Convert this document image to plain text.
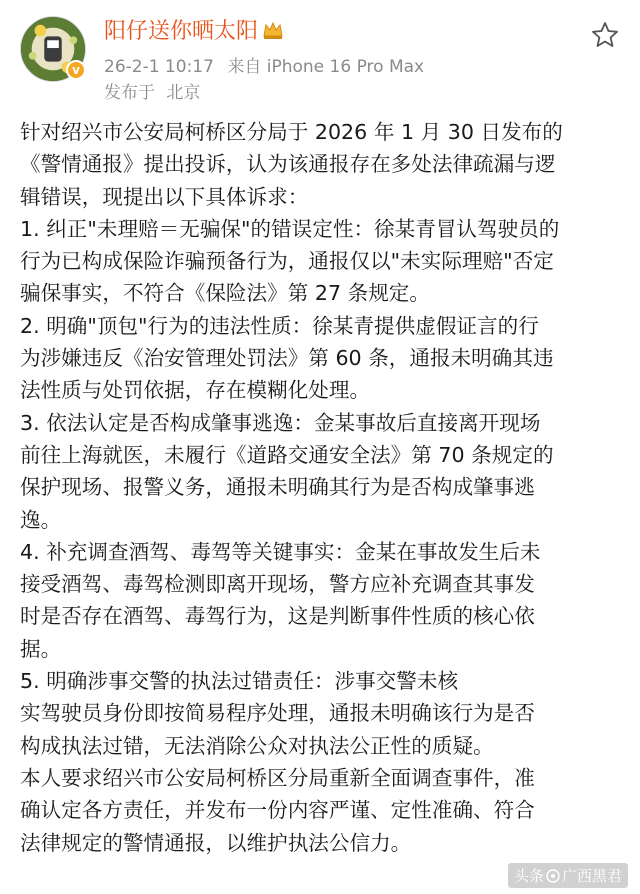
v
阳仔送你晒太阳
26-2-1 10:17 来自 iPhone 16 Pro Max
发布于 北京

针对绍兴市公安局柯桥区分局于 2026 年 1 月 30 日发布的

《警情通报》提出投诉，认为该通报存在多处法律疏漏与逻

辑错误，现提出以下具体诉求：

1. 纠正"未理赔＝无骗保"的错误定性：徐某青冒认驾驶员的

行为已构成保险诈骗预备行为，通报仅以"未实际理赔"否定

骗保事实，不符合《保险法》第 27 条规定。

2. 明确"顶包"行为的违法性质：徐某青提供虚假证言的行

为涉嫌违反《治安管理处罚法》第 60 条，通报未明确其违

法性质与处罚依据，存在模糊化处理。

3. 依法认定是否构成肇事逃逸：金某事故后直接离开现场

前往上海就医，未履行《道路交通安全法》第 70 条规定的

保护现场、报警义务，通报未明确其行为是否构成肇事逃

逸。

4. 补充调查酒驾、毒驾等关键事实：金某在事故发生后未

接受酒驾、毒驾检测即离开现场，警方应补充调查其事发

时是否存在酒驾、毒驾行为，这是判断事件性质的核心依

据。

5. 明确涉事交警的执法过错责任：涉事交警未核

实驾驶员身份即按简易程序处理，通报未明确该行为是否

构成执法过错，无法消除公众对执法公正性的质疑。

本人要求绍兴市公安局柯桥区分局重新全面调查事件，准

确认定各方责任，并发布一份内容严谨、定性准确、符合

法律规定的警情通报，以维护执法公信力。

头条 广西黑君
